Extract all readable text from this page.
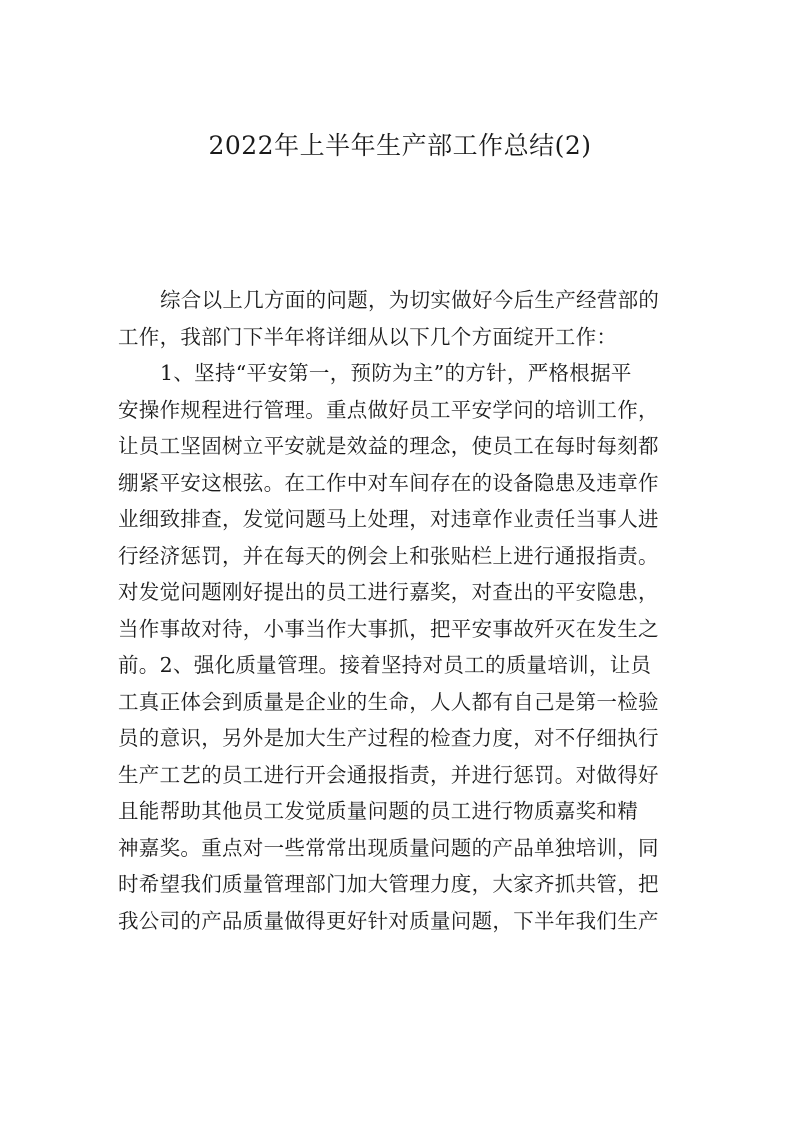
2022年上半年生产部工作总结(2)
综合以上几方面的问题，为切实做好今后生产经营部的
工作，我部门下半年将详细从以下几个方面绽开工作：
1、坚持“平安第一，预防为主”的方针，严格根据平
安操作规程进行管理。重点做好员工平安学问的培训工作，
让员工坚固树立平安就是效益的理念，使员工在每时每刻都
绷紧平安这根弦。在工作中对车间存在的设备隐患及违章作
业细致排查，发觉问题马上处理，对违章作业责任当事人进
行经济惩罚，并在每天的例会上和张贴栏上进行通报指责。
对发觉问题刚好提出的员工进行嘉奖，对查出的平安隐患，
当作事故对待，小事当作大事抓，把平安事故歼灭在发生之
前。2、强化质量管理。接着坚持对员工的质量培训，让员
工真正体会到质量是企业的生命，人人都有自己是第一检验
员的意识，另外是加大生产过程的检查力度，对不仔细执行
生产工艺的员工进行开会通报指责，并进行惩罚。对做得好
且能帮助其他员工发觉质量问题的员工进行物质嘉奖和精
神嘉奖。重点对一些常常出现质量问题的产品单独培训，同
时希望我们质量管理部门加大管理力度，大家齐抓共管，把
我公司的产品质量做得更好针对质量问题，下半年我们生产
